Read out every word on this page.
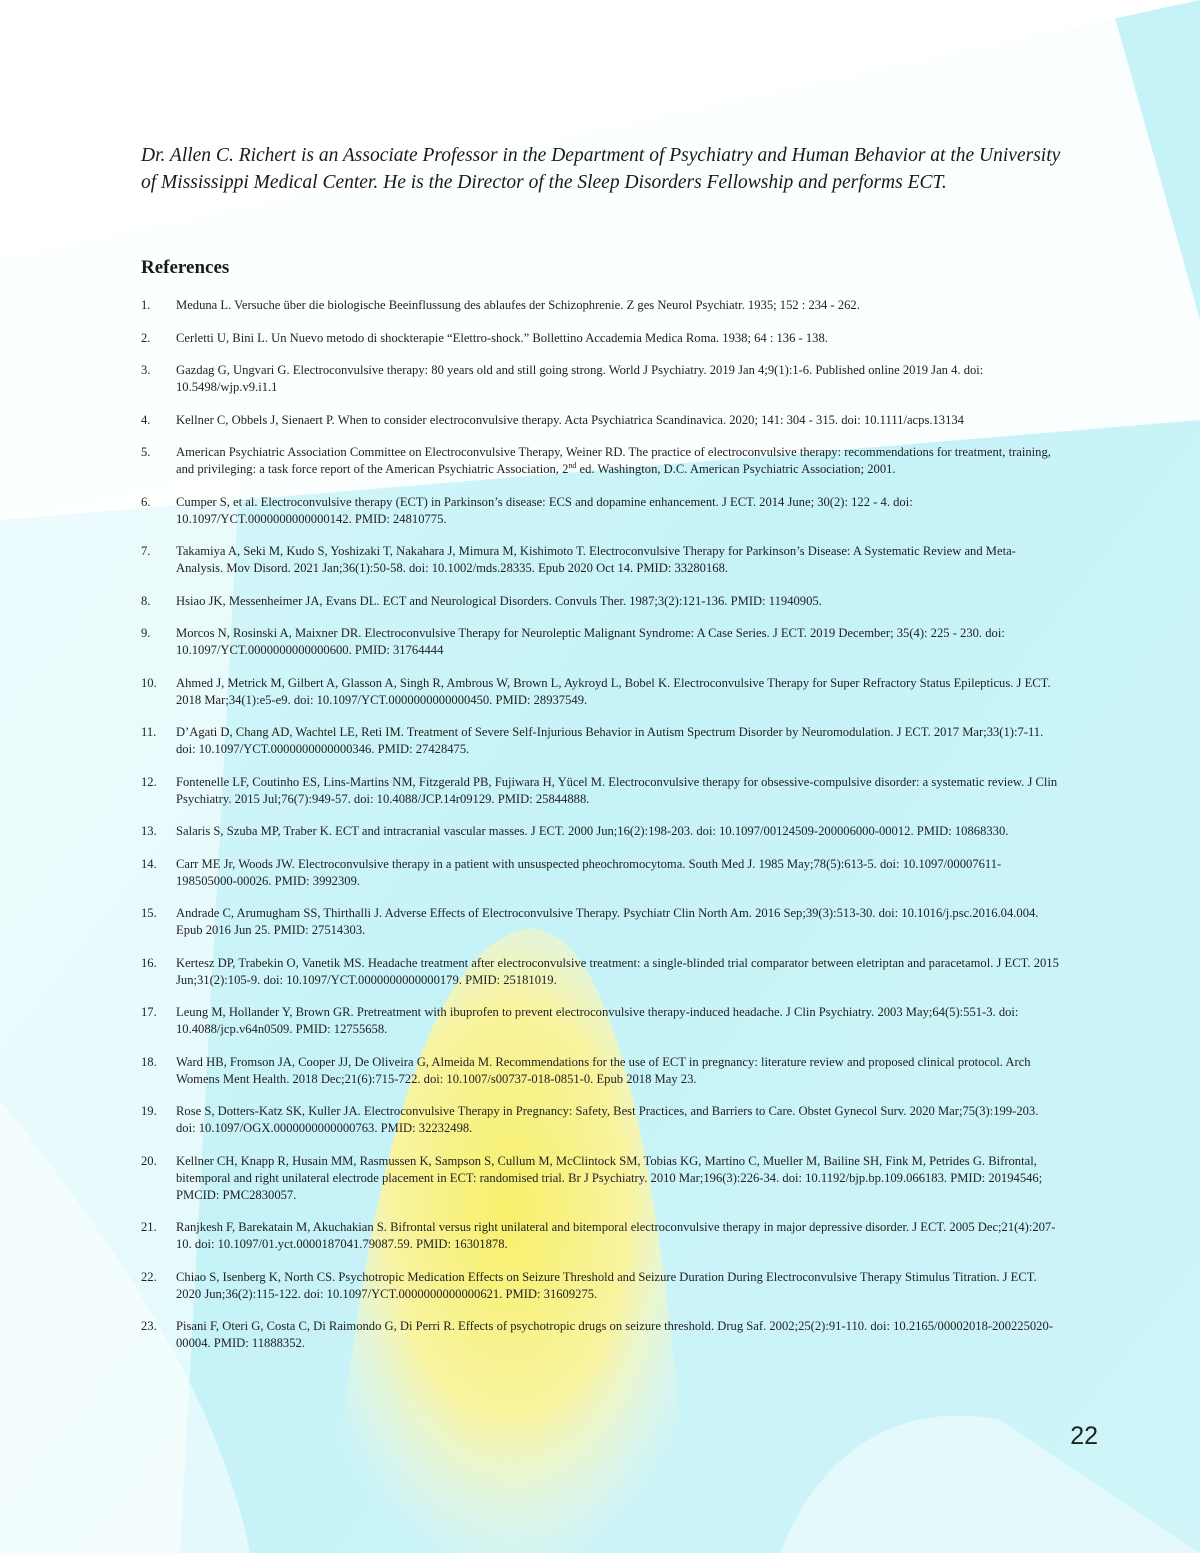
Dr. Allen C. Richert is an Associate Professor in the Department of Psychiatry and Human Behavior at the University of Mississippi Medical Center. He is the Director of the Sleep Disorders Fellowship and performs ECT.

References
1.	Meduna L. Versuche über die biologische Beeinflussung des ablaufes der Schizophrenie. Z ges Neurol Psychiatr. 1935; 152 : 234 - 262.
2.	Cerletti U, Bini L. Un Nuevo metodo di shockterapie “Elettro-shock.” Bollettino Accademia Medica Roma. 1938; 64 : 136 - 138.
3.	Gazdag G, Ungvari G. Electroconvulsive therapy: 80 years old and still going strong. World J Psychiatry. 2019 Jan 4;9(1):1-6. Published online 2019 Jan 4. doi: 10.5498/wjp.v9.i1.1
4.	Kellner C, Obbels J, Sienaert P. When to consider electroconvulsive therapy. Acta Psychiatrica Scandinavica. 2020; 141: 304 - 315. doi: 10.1111/acps.13134
5.	American Psychiatric Association Committee on Electroconvulsive Therapy, Weiner RD. The practice of electroconvulsive therapy: recommendations for treatment, training, and privileging: a task force report of the American Psychiatric Association, 2nd ed. Washington, D.C. American Psychiatric Association; 2001.
6.	Cumper S, et al. Electroconvulsive therapy (ECT) in Parkinson’s disease: ECS and dopamine enhancement. J ECT. 2014 June; 30(2): 122 - 4. doi: 10.1097/YCT.0000000000000142. PMID: 24810775.
7.	Takamiya A, Seki M, Kudo S, Yoshizaki T, Nakahara J, Mimura M, Kishimoto T. Electroconvulsive Therapy for Parkinson’s Disease: A Systematic Review and Meta-Analysis. Mov Disord. 2021 Jan;36(1):50-58. doi: 10.1002/mds.28335. Epub 2020 Oct 14. PMID: 33280168.
8.	Hsiao JK, Messenheimer JA, Evans DL. ECT and Neurological Disorders. Convuls Ther. 1987;3(2):121-136. PMID: 11940905.
9.	Morcos N, Rosinski A, Maixner DR. Electroconvulsive Therapy for Neuroleptic Malignant Syndrome: A Case Series. J ECT. 2019 December; 35(4): 225 - 230. doi: 10.1097/YCT.0000000000000600. PMID: 31764444
10.	Ahmed J, Metrick M, Gilbert A, Glasson A, Singh R, Ambrous W, Brown L, Aykroyd L, Bobel K. Electroconvulsive Therapy for Super Refractory Status Epilepticus. J ECT. 2018 Mar;34(1):e5-e9. doi: 10.1097/YCT.0000000000000450. PMID: 28937549.
11.	D’Agati D, Chang AD, Wachtel LE, Reti IM. Treatment of Severe Self-Injurious Behavior in Autism Spectrum Disorder by Neuromodulation. J ECT. 2017 Mar;33(1):7-11. doi: 10.1097/YCT.0000000000000346. PMID: 27428475.
12.	Fontenelle LF, Coutinho ES, Lins-Martins NM, Fitzgerald PB, Fujiwara H, Yücel M. Electroconvulsive therapy for obsessive-compulsive disorder: a systematic review. J Clin Psychiatry. 2015 Jul;76(7):949-57. doi: 10.4088/JCP.14r09129. PMID: 25844888.
13.	Salaris S, Szuba MP, Traber K. ECT and intracranial vascular masses. J ECT. 2000 Jun;16(2):198-203. doi: 10.1097/00124509-200006000-00012. PMID: 10868330.
14.	Carr ME Jr, Woods JW. Electroconvulsive therapy in a patient with unsuspected pheochromocytoma. South Med J. 1985 May;78(5):613-5. doi: 10.1097/00007611-198505000-00026. PMID: 3992309.
15.	Andrade C, Arumugham SS, Thirthalli J. Adverse Effects of Electroconvulsive Therapy. Psychiatr Clin North Am. 2016 Sep;39(3):513-30. doi: 10.1016/j.psc.2016.04.004. Epub 2016 Jun 25. PMID: 27514303.
16.	Kertesz DP, Trabekin O, Vanetik MS. Headache treatment after electroconvulsive treatment: a single-blinded trial comparator between eletriptan and paracetamol. J ECT. 2015 Jun;31(2):105-9. doi: 10.1097/YCT.0000000000000179. PMID: 25181019.
17.	Leung M, Hollander Y, Brown GR. Pretreatment with ibuprofen to prevent electroconvulsive therapy-induced headache. J Clin Psychiatry. 2003 May;64(5):551-3. doi: 10.4088/jcp.v64n0509. PMID: 12755658.
18.	Ward HB, Fromson JA, Cooper JJ, De Oliveira G, Almeida M. Recommendations for the use of ECT in pregnancy: literature review and proposed clinical protocol. Arch Womens Ment Health. 2018 Dec;21(6):715-722. doi: 10.1007/s00737-018-0851-0. Epub 2018 May 23.
19.	Rose S, Dotters-Katz SK, Kuller JA. Electroconvulsive Therapy in Pregnancy: Safety, Best Practices, and Barriers to Care. Obstet Gynecol Surv. 2020 Mar;75(3):199-203. doi: 10.1097/OGX.0000000000000763. PMID: 32232498.
20.	Kellner CH, Knapp R, Husain MM, Rasmussen K, Sampson S, Cullum M, McClintock SM, Tobias KG, Martino C, Mueller M, Bailine SH, Fink M, Petrides G. Bifrontal, bitemporal and right unilateral electrode placement in ECT: randomised trial. Br J Psychiatry. 2010 Mar;196(3):226-34. doi: 10.1192/bjp.bp.109.066183. PMID: 20194546; PMCID: PMC2830057.
21.	Ranjkesh F, Barekatain M, Akuchakian S. Bifrontal versus right unilateral and bitemporal electroconvulsive therapy in major depressive disorder. J ECT. 2005 Dec;21(4):207-10. doi: 10.1097/01.yct.0000187041.79087.59. PMID: 16301878.
22.	Chiao S, Isenberg K, North CS. Psychotropic Medication Effects on Seizure Threshold and Seizure Duration During Electroconvulsive Therapy Stimulus Titration. J ECT. 2020 Jun;36(2):115-122. doi: 10.1097/YCT.0000000000000621. PMID: 31609275.
23.	Pisani F, Oteri G, Costa C, Di Raimondo G, Di Perri R. Effects of psychotropic drugs on seizure threshold. Drug Saf. 2002;25(2):91-110. doi: 10.2165/00002018-200225020-00004. PMID: 11888352.
22
